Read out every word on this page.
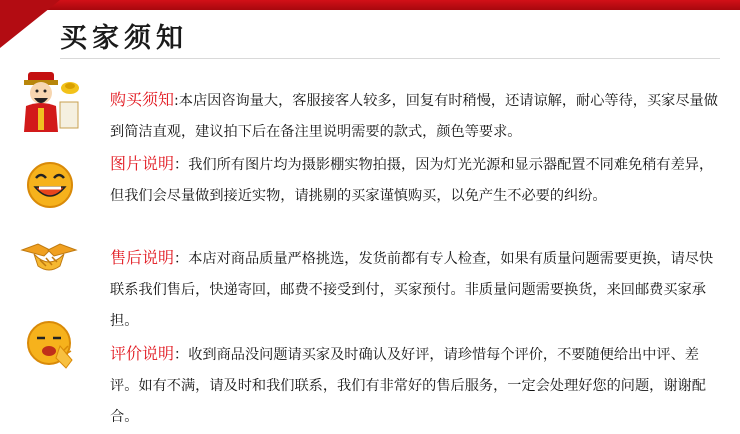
买家须知
购买须知:本店因咨询量大，客服接客人较多，回复有时稍慢，还请谅解，耐心等待，买家尽量做到简洁直观，建议拍下后在备注里说明需要的款式，颜色等要求。
图片说明：我们所有图片均为摄影棚实物拍摄，因为灯光光源和显示器配置不同难免稍有差异，但我们会尽量做到接近实物，请挑剔的买家谨慎购买，以免产生不必要的纠纷。
售后说明：本店对商品质量严格挑选，发货前都有专人检查，如果有质量问题需要更换，请尽快联系我们售后，快递寄回，邮费不接受到付，买家预付。非质量问题需要换货，来回邮费买家承担。
评价说明：收到商品没问题请买家及时确认及好评，请珍惜每个评价，不要随便给出中评、差评。如有不满，请及时和我们联系，我们有非常好的售后服务，一定会处理好您的问题，谢谢配合。
